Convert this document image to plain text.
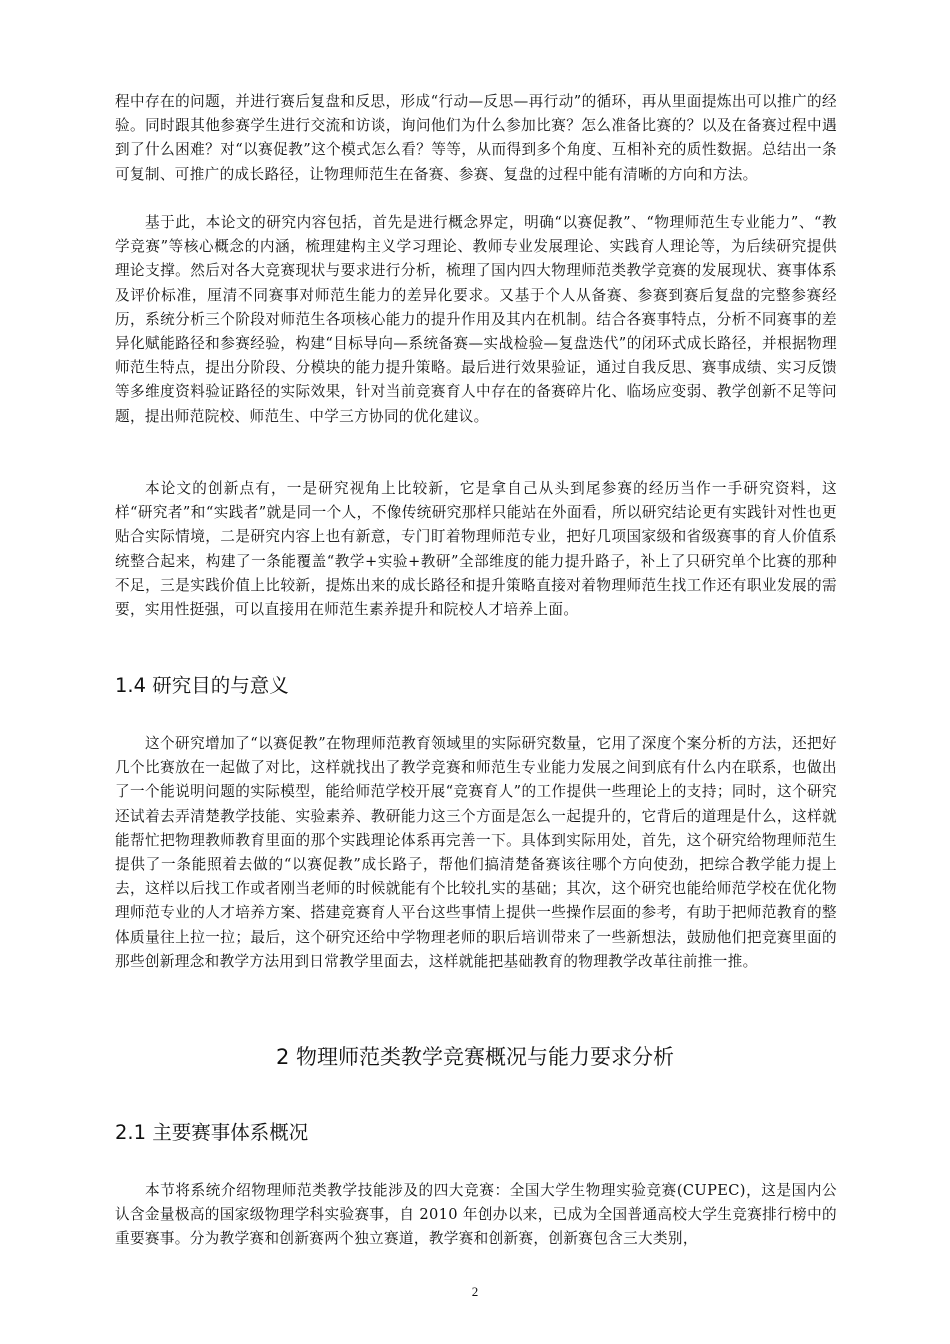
程中存在的问题，并进行赛后复盘和反思，形成“行动—反思—再行动”的循环，再从里面提炼出可以推广的经验。同时跟其他参赛学生进行交流和访谈，询问他们为什么参加比赛？怎么准备比赛的？以及在备赛过程中遇到了什么困难？对“以赛促教”这个模式怎么看？等等，从而得到多个角度、互相补充的质性数据。总结出一条可复制、可推广的成长路径，让物理师范生在备赛、参赛、复盘的过程中能有清晰的方向和方法。

基于此，本论文的研究内容包括，首先是进行概念界定，明确“以赛促教”、“物理师范生专业能力”、“教学竞赛”等核心概念的内涵，梳理建构主义学习理论、教师专业发展理论、实践育人理论等，为后续研究提供理论支撑。然后对各大竞赛现状与要求进行分析，梳理了国内四大物理师范类教学竞赛的发展现状、赛事体系及评价标准，厘清不同赛事对师范生能力的差异化要求。又基于个人从备赛、参赛到赛后复盘的完整参赛经历，系统分析三个阶段对师范生各项核心能力的提升作用及其内在机制。结合各赛事特点，分析不同赛事的差异化赋能路径和参赛经验，构建“目标导向—系统备赛—实战检验—复盘迭代”的闭环式成长路径，并根据物理师范生特点，提出分阶段、分模块的能力提升策略。最后进行效果验证，通过自我反思、赛事成绩、实习反馈等多维度资料验证路径的实际效果，针对当前竞赛育人中存在的备赛碎片化、临场应变弱、教学创新不足等问题，提出师范院校、师范生、中学三方协同的优化建议。

本论文的创新点有，一是研究视角上比较新，它是拿自己从头到尾参赛的经历当作一手研究资料，这样“研究者”和“实践者”就是同一个人，不像传统研究那样只能站在外面看，所以研究结论更有实践针对性也更贴合实际情境，二是研究内容上也有新意，专门盯着物理师范专业，把好几项国家级和省级赛事的育人价值系统整合起来，构建了一条能覆盖“教学+实验+教研”全部维度的能力提升路子，补上了只研究单个比赛的那种不足，三是实践价值上比较新，提炼出来的成长路径和提升策略直接对着物理师范生找工作还有职业发展的需要，实用性挺强，可以直接用在师范生素养提升和院校人才培养上面。

1.4 研究目的与意义

这个研究增加了“以赛促教”在物理师范教育领域里的实际研究数量，它用了深度个案分析的方法，还把好几个比赛放在一起做了对比，这样就找出了教学竞赛和师范生专业能力发展之间到底有什么内在联系，也做出了一个能说明问题的实际模型，能给师范学校开展“竞赛育人”的工作提供一些理论上的支持；同时，这个研究还试着去弄清楚教学技能、实验素养、教研能力这三个方面是怎么一起提升的，它背后的道理是什么，这样就能帮忙把物理教师教育里面的那个实践理论体系再完善一下。具体到实际用处，首先，这个研究给物理师范生提供了一条能照着去做的“以赛促教”成长路子，帮他们搞清楚备赛该往哪个方向使劲，把综合教学能力提上去，这样以后找工作或者刚当老师的时候就能有个比较扎实的基础；其次，这个研究也能给师范学校在优化物理师范专业的人才培养方案、搭建竞赛育人平台这些事情上提供一些操作层面的参考，有助于把师范教育的整体质量往上拉一拉；最后，这个研究还给中学物理老师的职后培训带来了一些新想法，鼓励他们把竞赛里面的那些创新理念和教学方法用到日常教学里面去，这样就能把基础教育的物理教学改革往前推一推。

2 物理师范类教学竞赛概况与能力要求分析
2.1 主要赛事体系概况

本节将系统介绍物理师范类教学技能涉及的四大竞赛：全国大学生物理实验竞赛(CUPEC)，这是国内公认含金量极高的国家级物理学科实验赛事，自 2010 年创办以来，已成为全国普通高校大学生竞赛排行榜中的重要赛事。分为教学赛和创新赛两个独立赛道，教学赛和创新赛，创新赛包含三大类别，

2
